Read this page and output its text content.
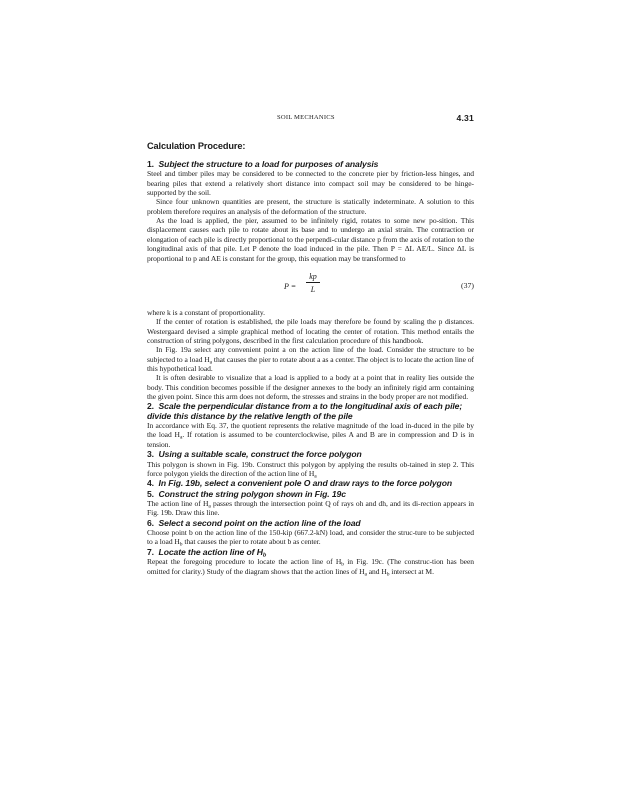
SOIL MECHANICS	4.31
Calculation Procedure:
1. Subject the structure to a load for purposes of analysis

Steel and timber piles may be considered to be connected to the concrete pier by friction-less hinges, and bearing piles that extend a relatively short distance into compact soil may be considered to be hinge-supported by the soil.

Since four unknown quantities are present, the structure is statically indeterminate. A solution to this problem therefore requires an analysis of the deformation of the structure.

As the load is applied, the pier, assumed to be infinitely rigid, rotates to some new po-sition. This displacement causes each pile to rotate about its base and to undergo an axial strain. The contraction or elongation of each pile is directly proportional to the perpendi-cular distance p from the axis of rotation to the longitudinal axis of that pile. Let P denote the load induced in the pile. Then P = ΔL AE/L. Since ΔL is proportional to p and AE is constant for the group, this equation may be transformed to

$P = \frac{kp}{L}$	(37)

where k is a constant of proportionality.

If the center of rotation is established, the pile loads may therefore be found by scaling the p distances. Westergaard devised a simple graphical method of locating the center of rotation. This method entails the construction of string polygons, described in the first calculation procedure of this handbook.

In Fig. 19a select any convenient point a on the action line of the load. Consider the structure to be subjected to a load $H_a$ that causes the pier to rotate about a as a center. The object is to locate the action line of this hypothetical load.

It is often desirable to visualize that a load is applied to a body at a point that in reality lies outside the body. This condition becomes possible if the designer annexes to the body an infinitely rigid arm containing the given point. Since this arm does not deform, the stresses and strains in the body proper are not modified.

2. Scale the perpendicular distance from a to the longitudinal axis of each pile; divide this distance by the relative length of the pile

In accordance with Eq. 37, the quotient represents the relative magnitude of the load in-duced in the pile by the load $H_a$. If rotation is assumed to be counterclockwise, piles A and B are in compression and D is in tension.

3. Using a suitable scale, construct the force polygon

This polygon is shown in Fig. 19b. Construct this polygon by applying the results ob-tained in step 2. This force polygon yields the direction of the action line of $H_a$

4. In Fig. 19b, select a convenient pole O and draw rays to the force polygon
5. Construct the string polygon shown in Fig. 19c

The action line of $H_a$ passes through the intersection point Q of rays oh and dh, and its di-rection appears in Fig. 19b. Draw this line.

6. Select a second point on the action line of the load

Choose point b on the action line of the 150-kip (667.2-kN) load, and consider the struc-ture to be subjected to a load $H_b$ that causes the pier to rotate about b as center.

7. Locate the action line of $H_b$

Repeat the foregoing procedure to locate the action line of $H_b$ in Fig. 19c. (The construc-tion has been omitted for clarity.) Study of the diagram shows that the action lines of $H_a$ and $H_b$ intersect at M.
